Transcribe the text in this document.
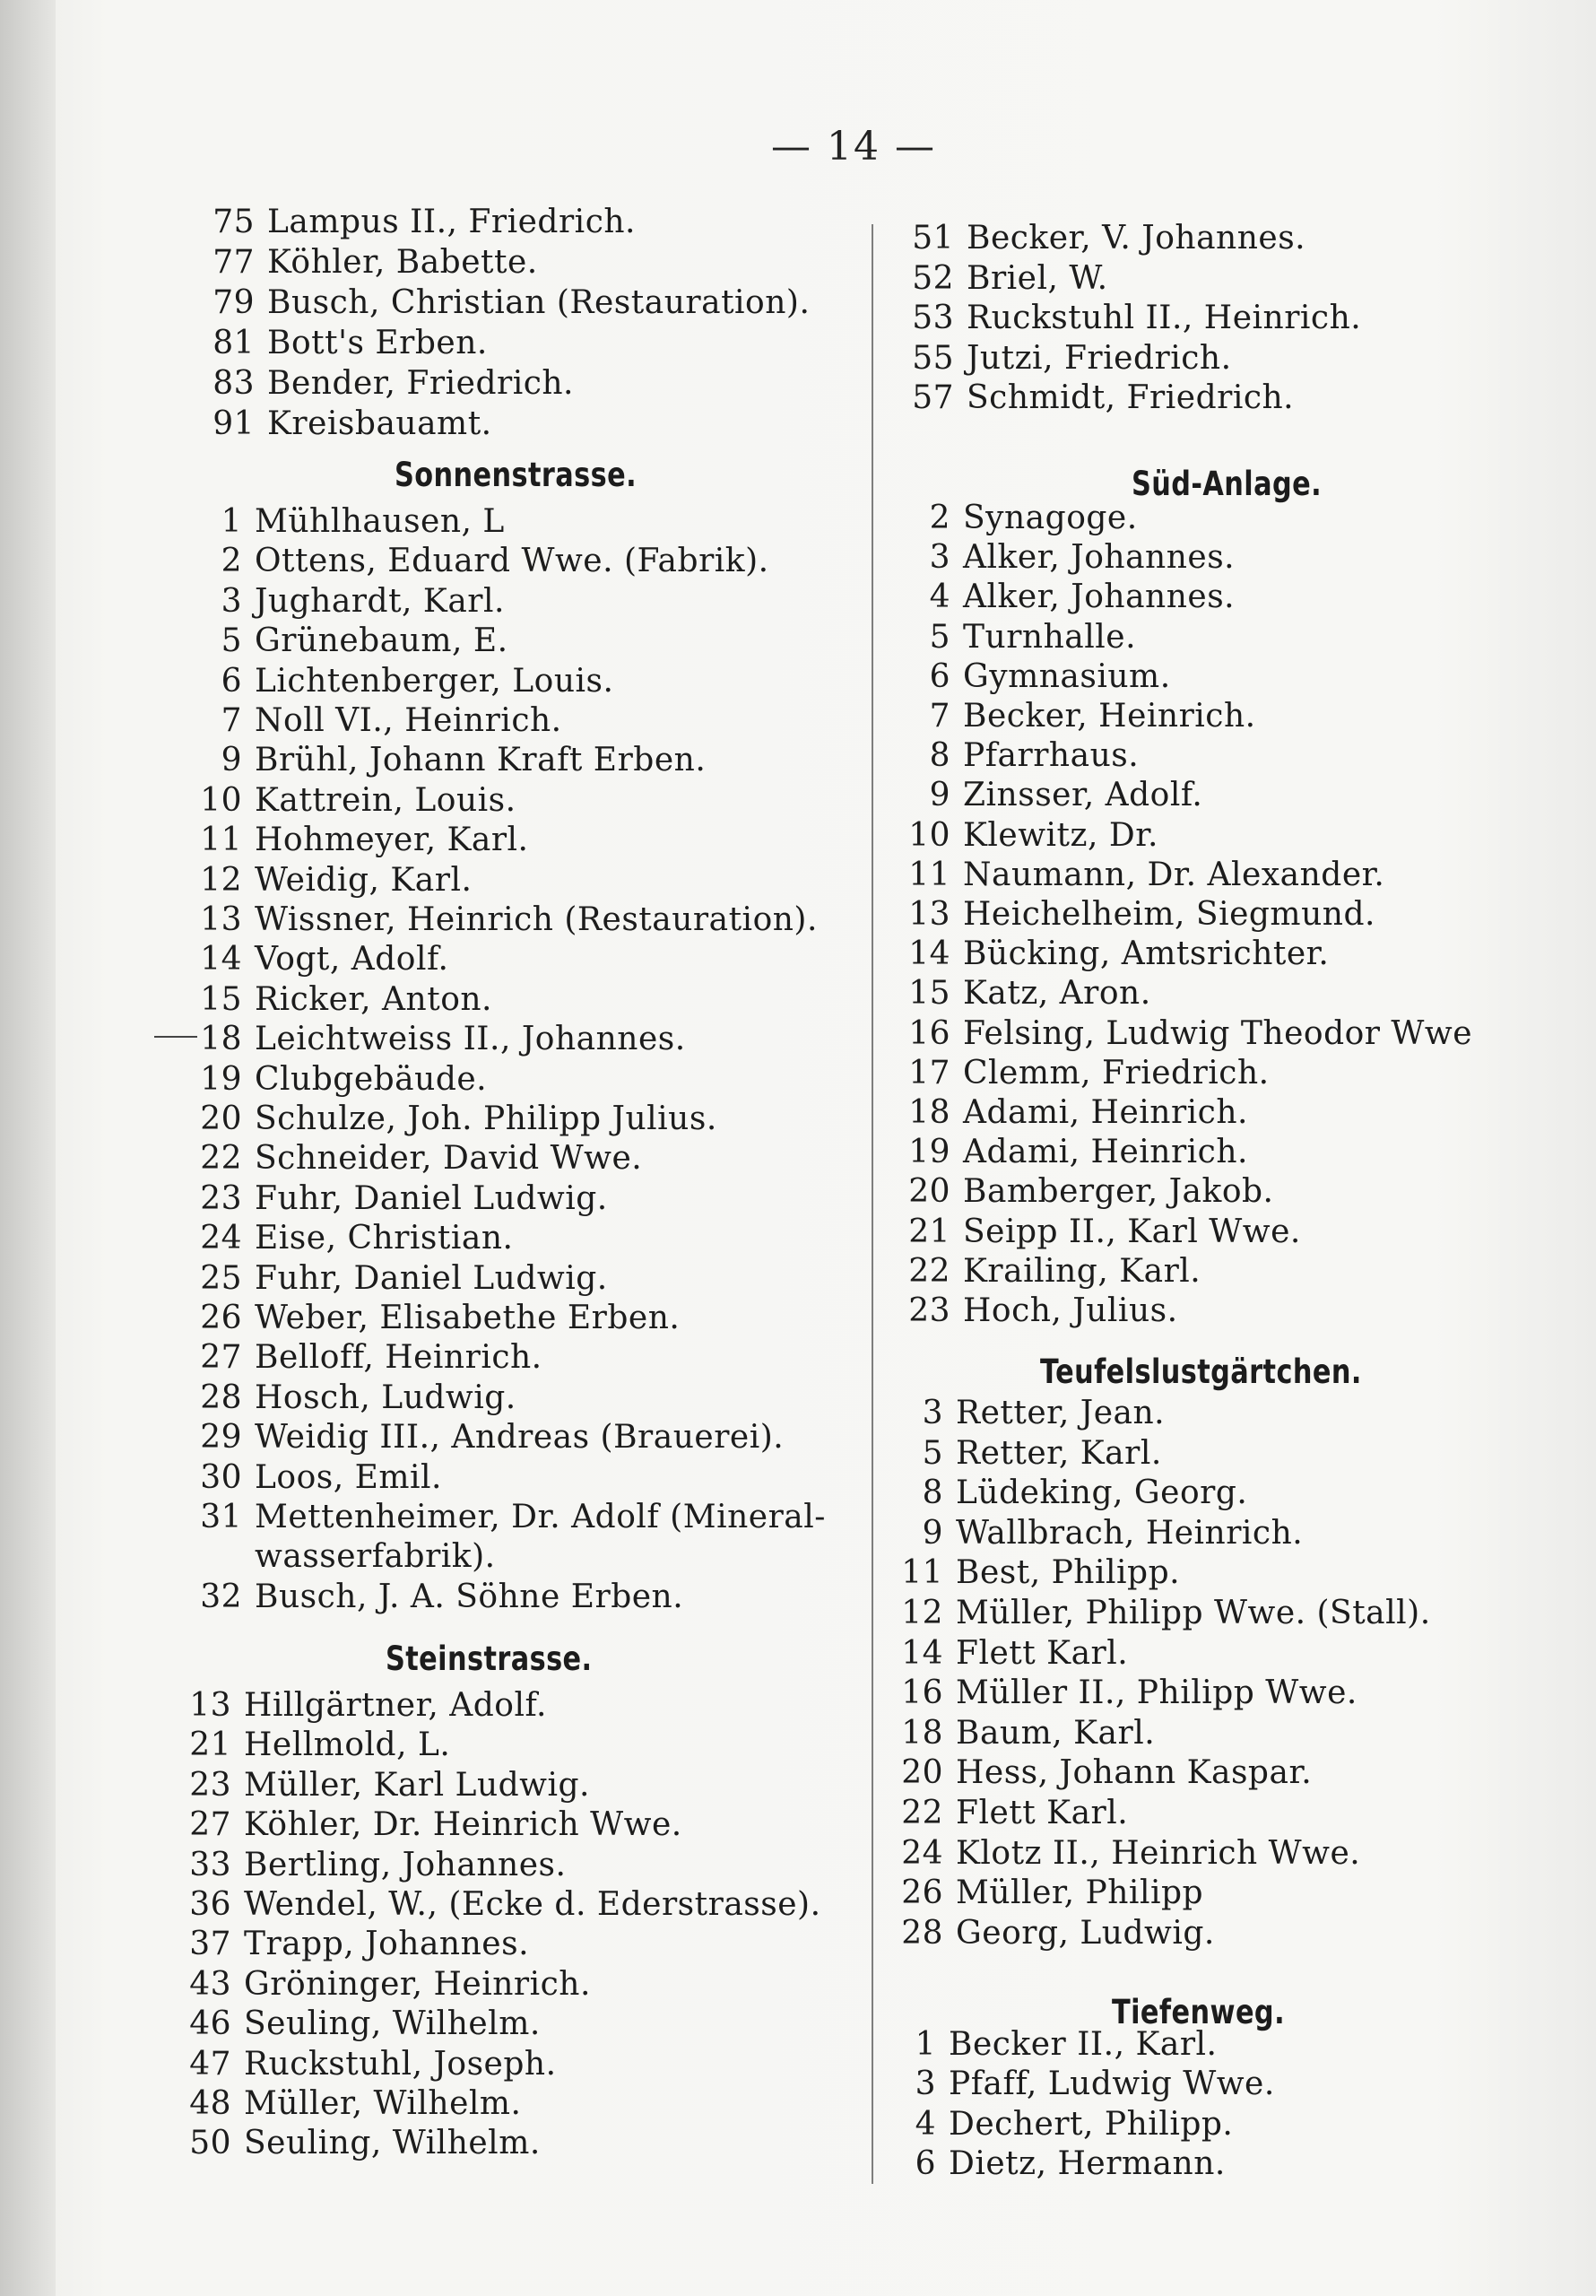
— 14 —
75 Lampus II., Friedrich.
77 Köhler, Babette.
79 Busch, Christian (Restauration).
81 Bott's Erben.
83 Bender, Friedrich.
91 Kreisbauamt.
Sonnenstrasse.
1 Mühlhausen, L
2 Ottens, Eduard Wwe. (Fabrik).
3 Jughardt, Karl.
5 Grünebaum, E.
6 Lichtenberger, Louis.
7 Noll VI., Heinrich.
9 Brühl, Johann Kraft Erben.
10 Kattrein, Louis.
11 Hohmeyer, Karl.
12 Weidig, Karl.
13 Wissner, Heinrich (Restauration).
14 Vogt, Adolf.
15 Ricker, Anton.
18 Leichtweiss II., Johannes.
19 Clubgebäude.
20 Schulze, Joh. Philipp Julius.
22 Schneider, David Wwe.
23 Fuhr, Daniel Ludwig.
24 Eise, Christian.
25 Fuhr, Daniel Ludwig.
26 Weber, Elisabethe Erben.
27 Belloff, Heinrich.
28 Hosch, Ludwig.
29 Weidig III., Andreas (Brauerei).
30 Loos, Emil.
31 Mettenheimer, Dr. Adolf (Mineral-
wasserfabrik).
32 Busch, J. A. Söhne Erben.
Steinstrasse.
13 Hillgärtner, Adolf.
21 Hellmold, L.
23 Müller, Karl Ludwig.
27 Köhler, Dr. Heinrich Wwe.
33 Bertling, Johannes.
36 Wendel, W., (Ecke d. Ederstrasse).
37 Trapp, Johannes.
43 Gröninger, Heinrich.
46 Seuling, Wilhelm.
47 Ruckstuhl, Joseph.
48 Müller, Wilhelm.
50 Seuling, Wilhelm.
51 Becker, V. Johannes.
52 Briel, W.
53 Ruckstuhl II., Heinrich.
55 Jutzi, Friedrich.
57 Schmidt, Friedrich.
Süd-Anlage.
2 Synagoge.
3 Alker, Johannes.
4 Alker, Johannes.
5 Turnhalle.
6 Gymnasium.
7 Becker, Heinrich.
8 Pfarrhaus.
9 Zinsser, Adolf.
10 Klewitz, Dr.
11 Naumann, Dr. Alexander.
13 Heichelheim, Siegmund.
14 Bücking, Amtsrichter.
15 Katz, Aron.
16 Felsing, Ludwig Theodor Wwe
17 Clemm, Friedrich.
18 Adami, Heinrich.
19 Adami, Heinrich.
20 Bamberger, Jakob.
21 Seipp II., Karl Wwe.
22 Krailing, Karl.
23 Hoch, Julius.
Teufelslustgärtchen.
3 Retter, Jean.
5 Retter, Karl.
8 Lüdeking, Georg.
9 Wallbrach, Heinrich.
11 Best, Philipp.
12 Müller, Philipp Wwe. (Stall).
14 Flett Karl.
16 Müller II., Philipp Wwe.
18 Baum, Karl.
20 Hess, Johann Kaspar.
22 Flett Karl.
24 Klotz II., Heinrich Wwe.
26 Müller, Philipp
28 Georg, Ludwig.
Tiefenweg.
1 Becker II., Karl.
3 Pfaff, Ludwig Wwe.
4 Dechert, Philipp.
6 Dietz, Hermann.
